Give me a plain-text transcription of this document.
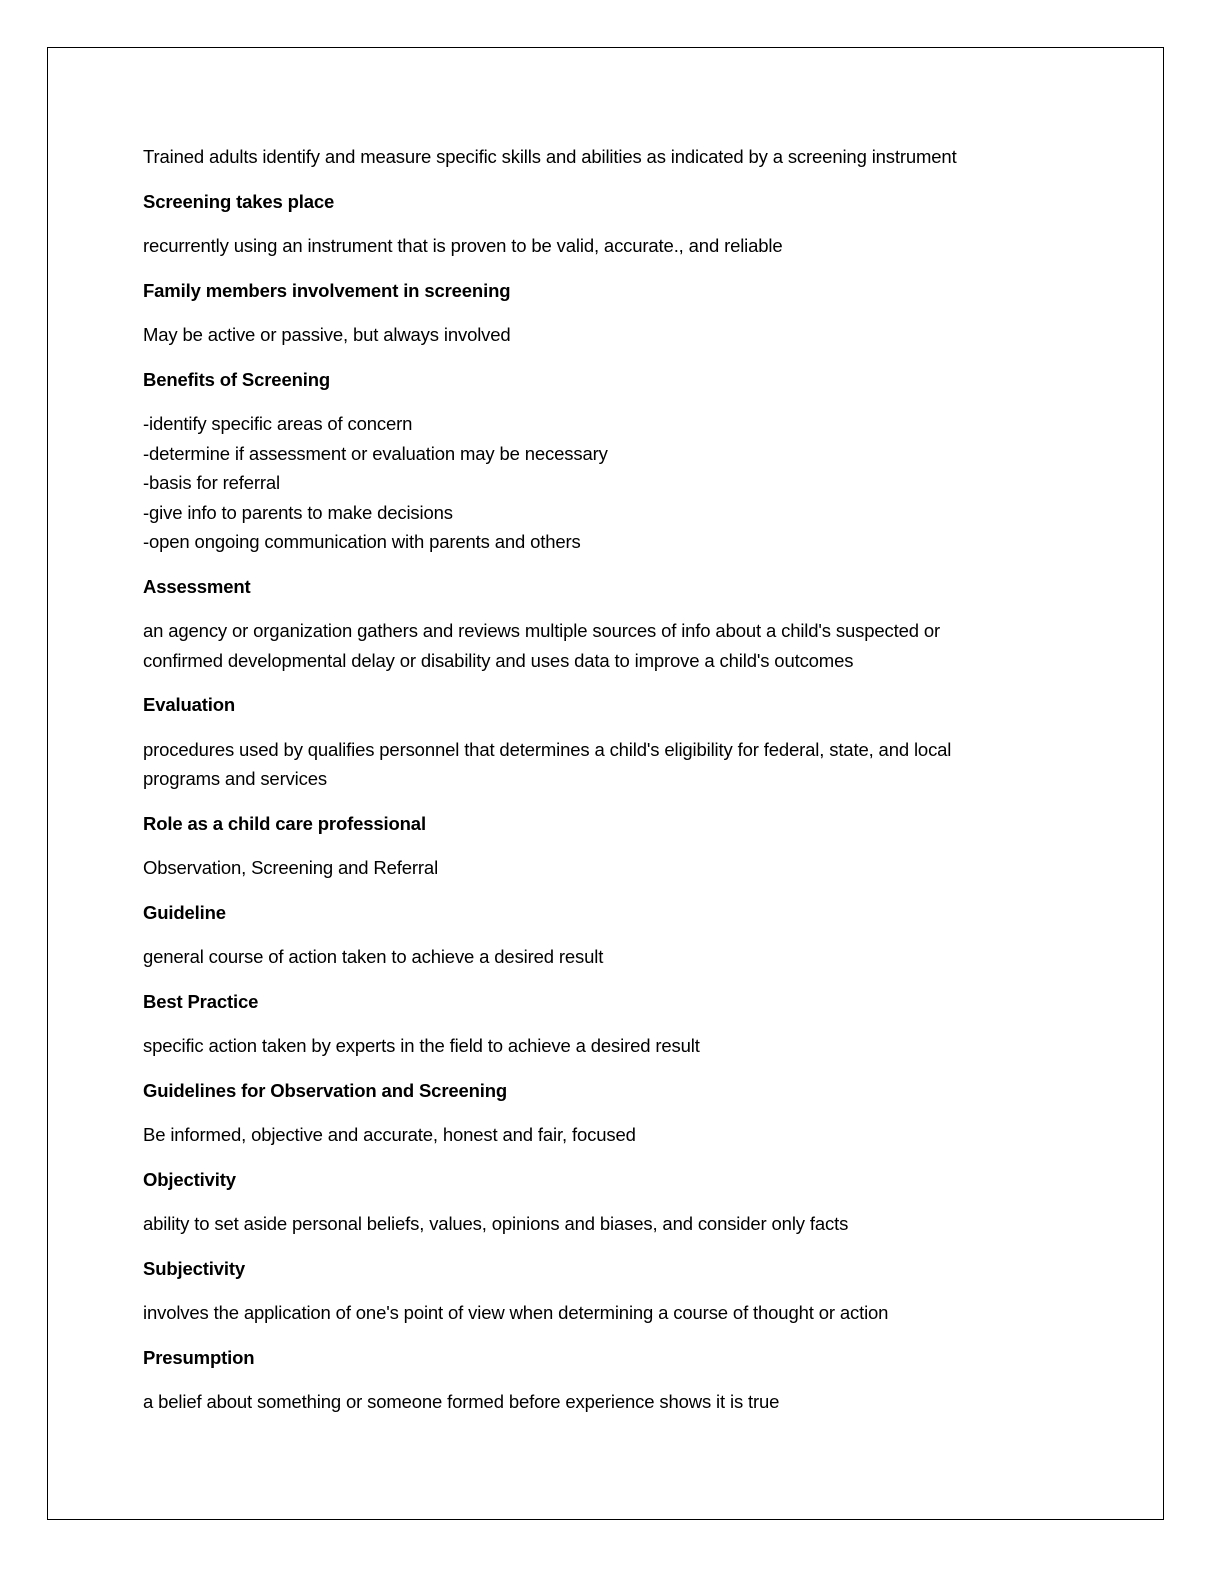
Trained adults identify and measure specific skills and abilities as indicated by a screening instrument

Screening takes place

recurrently using an instrument that is proven to be valid, accurate., and reliable

Family members involvement in screening

May be active or passive, but always involved

Benefits of Screening

-identify specific areas of concern
-determine if assessment or evaluation may be necessary
-basis for referral
-give info to parents to make decisions
-open ongoing communication with parents and others

Assessment

an agency or organization gathers and reviews multiple sources of info about a child's suspected or
confirmed developmental delay or disability and uses data to improve a child's outcomes

Evaluation

procedures used by qualifies personnel that determines a child's eligibility for federal, state, and local
programs and services

Role as a child care professional

Observation, Screening and Referral

Guideline

general course of action taken to achieve a desired result

Best Practice

specific action taken by experts in the field to achieve a desired result

Guidelines for Observation and Screening

Be informed, objective and accurate, honest and fair, focused

Objectivity

ability to set aside personal beliefs, values, opinions and biases, and consider only facts

Subjectivity

involves the application of one's point of view when determining a course of thought or action

Presumption

a belief about something or someone formed before experience shows it is true
